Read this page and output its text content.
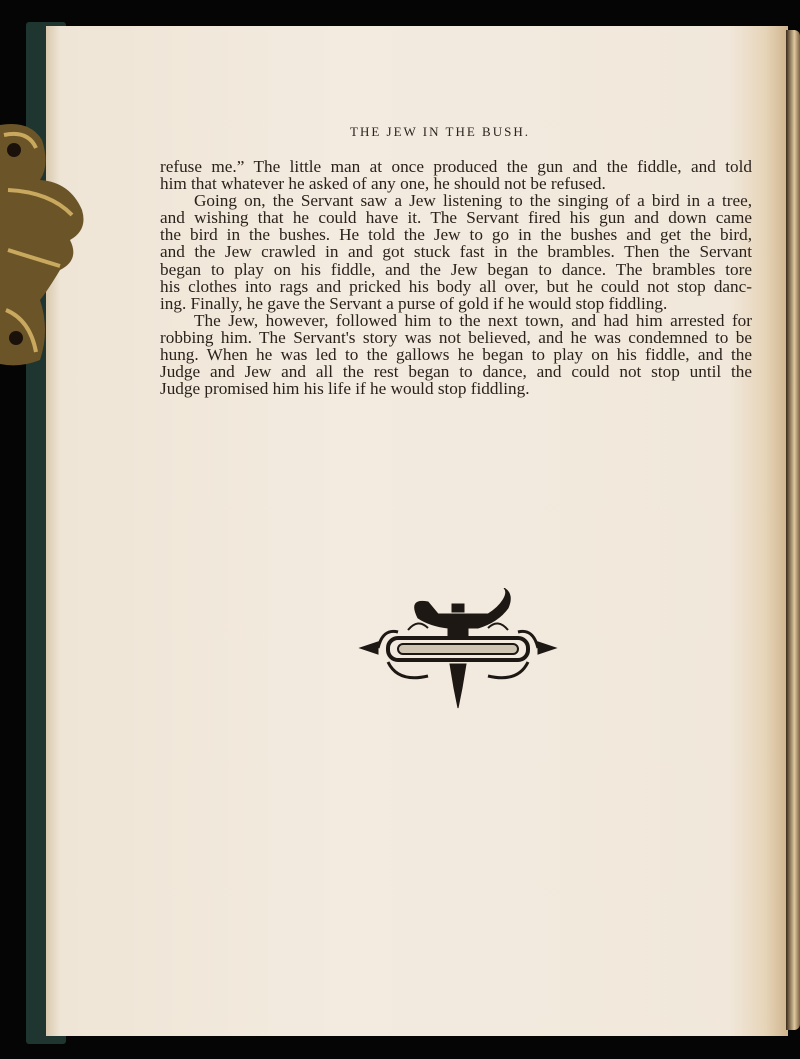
THE JEW IN THE BUSH.
refuse me.” The little man at once produced the gun and the fiddle, and told
him that whatever he asked of any one, he should not be refused.
Going on, the Servant saw a Jew listening to the singing of a bird in a tree,
and wishing that he could have it. The Servant fired his gun and down came
the bird in the bushes. He told the Jew to go in the bushes and get the bird,
and the Jew crawled in and got stuck fast in the brambles. Then the Servant
began to play on his fiddle, and the Jew began to dance. The brambles tore
his clothes into rags and pricked his body all over, but he could not stop danc-
ing. Finally, he gave the Servant a purse of gold if he would stop fiddling.
The Jew, however, followed him to the next town, and had him arrested for
robbing him. The Servant's story was not believed, and he was condemned to be
hung. When he was led to the gallows he began to play on his fiddle, and the
Judge and Jew and all the rest began to dance, and could not stop until the
Judge promised him his life if he would stop fiddling.
